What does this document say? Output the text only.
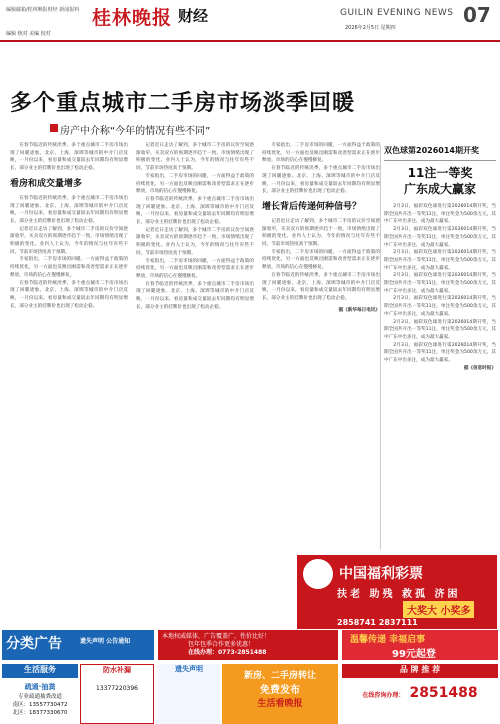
编辑邮箱/桂林晚报财经 新闻报料 桂林晚报 财经	GUILIN EVENING NEWS
2026年2月5日 星期四
07
编辑 核对 美编 校对
多个重点城市二手房市场淡季回暖
房产中介称“今年的情况有些不同”

在春节临近的传统淡季，多个重点城市二手房市场出现了回暖迹象。北京、上海、深圳等城市的中介门店反映，一月份以来，看房量和成交量较去年同期均有明显增长，部分业主的挂牌价也出现了松动企稳。

看房和成交量增多

在春节临近的传统淡季，多个重点城市二手房市场出现了回暖迹象。北京、上海、深圳等城市的中介门店反映，一月份以来，看房量和成交量较去年同期均有明显增长，部分业主的挂牌价也出现了松动企稳。

记者近日走访了解到，多个城市二手房的议价空间逐渐收窄，买卖双方的预期逐步趋于一致，市场情绪出现了积极的变化。业内人士认为，今年的情况与往年有些不同，节前市场热度高于预期。

专家指出，二手房市场的回暖，一方面得益于政策的持续优化，另一方面也反映出刚需和改善型需求正在逐步释放，市场的信心在慢慢修复。

在春节临近的传统淡季，多个重点城市二手房市场出现了回暖迹象。北京、上海、深圳等城市的中介门店反映，一月份以来，看房量和成交量较去年同期均有明显增长，部分业主的挂牌价也出现了松动企稳。

记者近日走访了解到，多个城市二手房的议价空间逐渐收窄，买卖双方的预期逐步趋于一致，市场情绪出现了积极的变化。业内人士认为，今年的情况与往年有些不同，节前市场热度高于预期。

专家指出，二手房市场的回暖，一方面得益于政策的持续优化，另一方面也反映出刚需和改善型需求正在逐步释放，市场的信心在慢慢修复。

在春节临近的传统淡季，多个重点城市二手房市场出现了回暖迹象。北京、上海、深圳等城市的中介门店反映，一月份以来，看房量和成交量较去年同期均有明显增长，部分业主的挂牌价也出现了松动企稳。

记者近日走访了解到，多个城市二手房的议价空间逐渐收窄，买卖双方的预期逐步趋于一致，市场情绪出现了积极的变化。业内人士认为，今年的情况与往年有些不同，节前市场热度高于预期。

专家指出，二手房市场的回暖，一方面得益于政策的持续优化，另一方面也反映出刚需和改善型需求正在逐步释放，市场的信心在慢慢修复。

在春节临近的传统淡季，多个重点城市二手房市场出现了回暖迹象。北京、上海、深圳等城市的中介门店反映，一月份以来，看房量和成交量较去年同期均有明显增长，部分业主的挂牌价也出现了松动企稳。

专家指出，二手房市场的回暖，一方面得益于政策的持续优化，另一方面也反映出刚需和改善型需求正在逐步释放，市场的信心在慢慢修复。

在春节临近的传统淡季，多个重点城市二手房市场出现了回暖迹象。北京、上海、深圳等城市的中介门店反映，一月份以来，看房量和成交量较去年同期均有明显增长，部分业主的挂牌价也出现了松动企稳。

增长背后传递何种信号？

记者近日走访了解到，多个城市二手房的议价空间逐渐收窄，买卖双方的预期逐步趋于一致，市场情绪出现了积极的变化。业内人士认为，今年的情况与往年有些不同，节前市场热度高于预期。

专家指出，二手房市场的回暖，一方面得益于政策的持续优化，另一方面也反映出刚需和改善型需求正在逐步释放，市场的信心在慢慢修复。

在春节临近的传统淡季，多个重点城市二手房市场出现了回暖迹象。北京、上海、深圳等城市的中介门店反映，一月份以来，看房量和成交量较去年同期均有明显增长，部分业主的挂牌价也出现了松动企稳。

据《新华每日电讯》
双色球第2026014期开奖
11注一等奖
广东成大赢家

2月3日，福彩双色球进行第2026014期开奖，当期全国共开出一等奖11注，单注奖金为500余万元，其中广东中出多注，成为最大赢家。

2月3日，福彩双色球进行第2026014期开奖，当期全国共开出一等奖11注，单注奖金为500余万元，其中广东中出多注，成为最大赢家。

2月3日，福彩双色球进行第2026014期开奖，当期全国共开出一等奖11注，单注奖金为500余万元，其中广东中出多注，成为最大赢家。

2月3日，福彩双色球进行第2026014期开奖，当期全国共开出一等奖11注，单注奖金为500余万元，其中广东中出多注，成为最大赢家。

2月3日，福彩双色球进行第2026014期开奖，当期全国共开出一等奖11注，单注奖金为500余万元，其中广东中出多注，成为最大赢家。

2月3日，福彩双色球进行第2026014期开奖，当期全国共开出一等奖11注，单注奖金为500余万元，其中广东中出多注，成为最大赢家。

2月3日，福彩双色球进行第2026014期开奖，当期全国共开出一等奖11注，单注奖金为500余万元，其中广东中出多注，成为最大赢家。

据《信息时报》
中国福利彩票
扶老 助残 救孤 济困
大奖大 小奖多
2858741 2837111
分类广告	遗失声明 公告通知
本地权威媒体，广告覆盖广，性价比好！
包年包季合作更多优惠！
在线办理：0773-2851488
温馨传递 幸福启事
99元起登
生活服务	防水补漏
13377220396
遗失声明
新房、二手房转让
免费发布
生活看晚报
品 牌 推 荐
在线咨询办理： 2851488
疏通·抽粪
专业疏通抽粪改道
南区：13557730472
北区：18377330670
